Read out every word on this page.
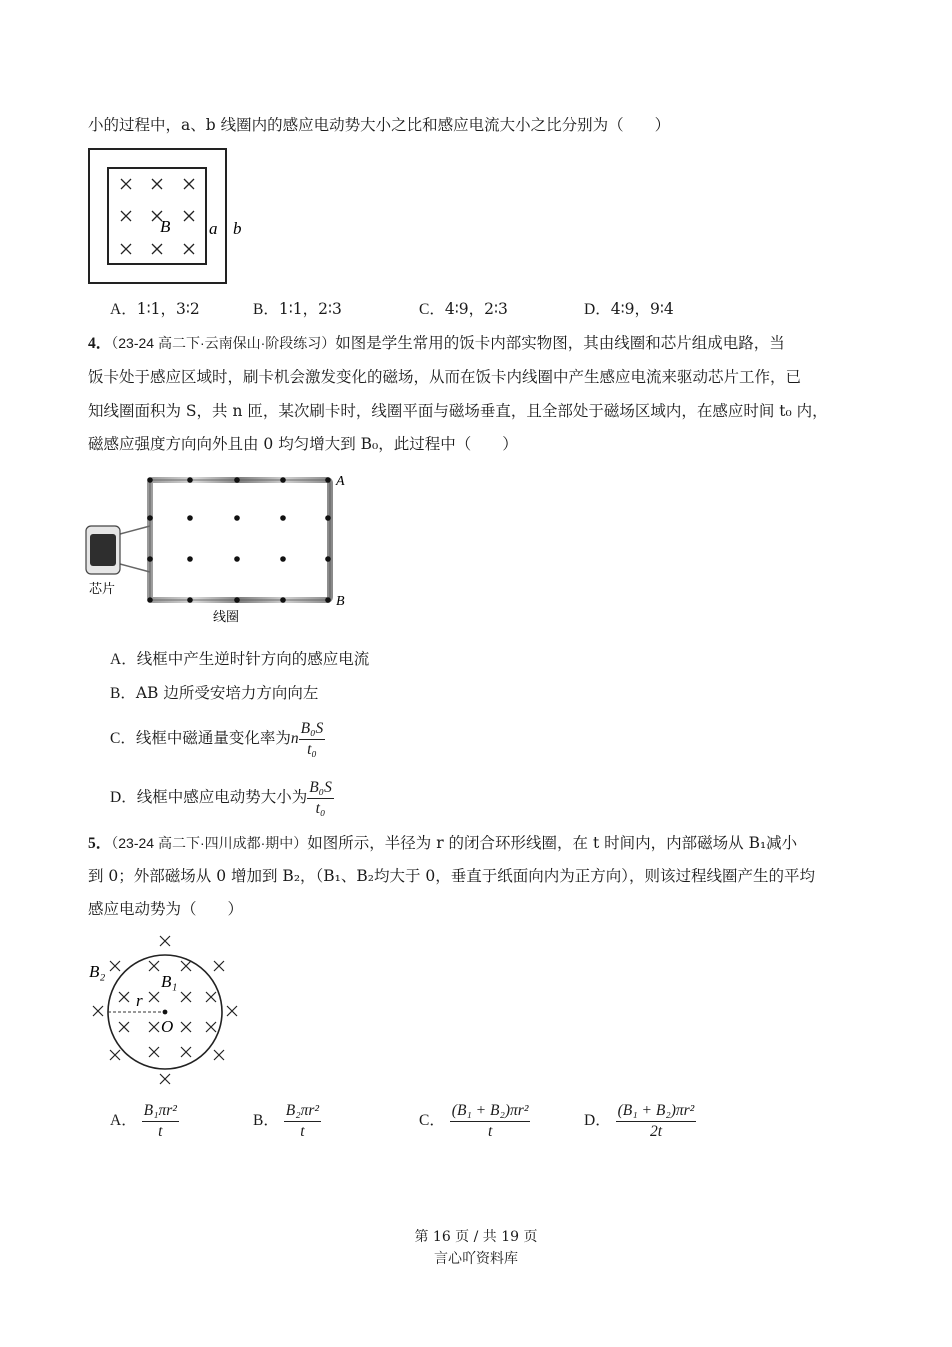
小的过程中，a、b 线圈内的感应电动势大小之比和感应电流大小之比分别为（　　）
B a b
A．1∶1，3∶2	B．1∶1，2∶3	C．4∶9，2∶3	D．4∶9，9∶4
4．（23-24 高二下·云南保山·阶段练习）如图是学生常用的饭卡内部实物图，其由线圈和芯片组成电路，当
饭卡处于感应区域时，刷卡机会激发变化的磁场，从而在饭卡内线圈中产生感应电流来驱动芯片工作，已
知线圈面积为 S，共 n 匝，某次刷卡时，线圈平面与磁场垂直，且全部处于磁场区域内，在感应时间 t₀ 内，
磁感应强度方向向外且由 0 均匀增大到 B₀，此过程中（　　）
A
B
芯片
线圈
A．线框中产生逆时针方向的感应电流
B．AB 边所受安培力方向向左
C．线框中磁通量变化率为n $\frac{\text{B₀S}}{\text{t₀}}$
D．线框中感应电动势大小为 $\frac{\text{B₀S}}{\text{t₀}}$
5．（23-24 高二下·四川成都·期中）如图所示，半径为 r 的闭合环形线圈，在 t 时间内，内部磁场从 B₁减小
到 0；外部磁场从 0 增加到 B₂，（B₁、B₂均大于 0，垂直于纸面向内为正方向），则该过程线圈产生的平均
感应电动势为（　　）
B₂
B₁
r
O
A． $\frac{\text{B₁πr²}}{t}$	B． $\frac{\text{B₂πr²}}{t}$	C． $\frac{\text{(B₁ + B₂)πr²}}{t}$	D． $\frac{\text{(B₁ + B₂)πr²}}{2t}$
第 16 页 / 共 19 页
言心吖资料库
